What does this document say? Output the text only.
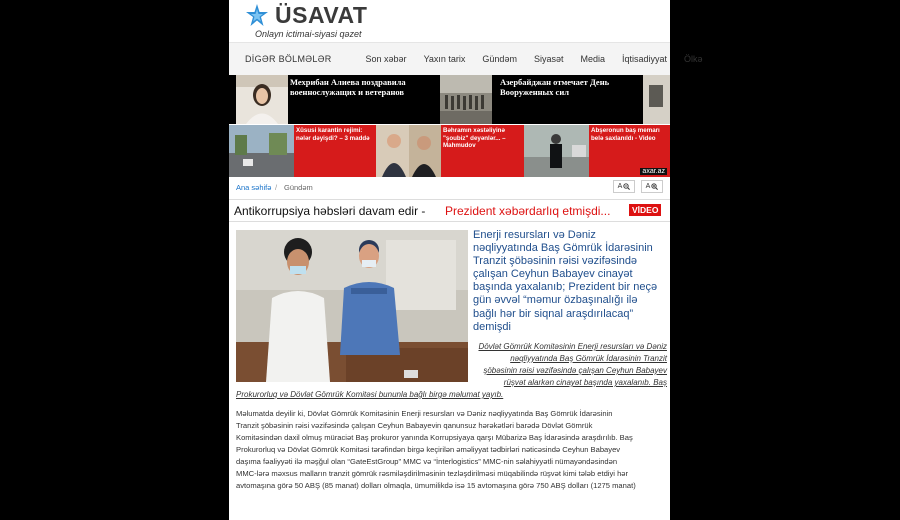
ÜSAVAT
Onlayn ictimai-siyasi qəzet
DİGƏR BÖLMƏLƏR	Son xəbər Yaxın tarix Gündəm Siyasət Media İqtisadiyyat Ölkə
Мехрибан Алиева поздравила военнослужащих и ветеранов
Азербайджан отмечает День Вооруженных сил
Xüsusi karantin rejimi: nələr dəyişdi? – 3 maddə
Bəhramın xəstəliyinə "şoubiz" deyənlər... – Mahmudov
Abşeronun baş memarı belə saxlanıldı - Video
axar.az
Ana səhifə / Gündəm	A	A
Antikorrupsiya həbsləri davam edir - Prezident xəbərdarlıq etmişdi...	VİDEO
Enerji resursları və Dəniz
nəqliyyatında Baş Gömrük İdarəsinin
Tranzit şöbəsinin rəisi vəzifəsində
çalışan Ceyhun Babayev cinayət
başında yaxalanıb; Prezident bir neçə
gün əvvəl “məmur özbaşınalığı ilə
bağlı hər bir siqnal araşdırılacaq”
demişdi
Dövlət Gömrük Komitəsinin Enerji resursları və Dəniz
nəqliyyatında Baş Gömrük İdarəsinin Tranzit
şöbəsinin rəisi vəzifəsində çalışan Ceyhun Babayev
rüşvət alarkən cinayət başında yaxalanıb. Baş
Prokurorluq və Dövlət Gömrük Komitəsi bununla bağlı birgə məlumat yayıb.
Məlumatda deyilir ki, Dövlət Gömrük Komitəsinin Enerji resursları və Dəniz nəqliyyatında Baş Gömrük İdarəsinin
Tranzit şöbəsinin rəisi vəzifəsində çalışan Ceyhun Babayevin qanunsuz hərəkətləri barədə Dövlət Gömrük
Komitəsindən daxil olmuş müraciət Baş prokuror yanında Korrupsiyaya qarşı Mübarizə Baş İdarəsində araşdırılıb. Baş
Prokurorluq və Dövlət Gömrük Komitəsi tərəfindən birgə keçirilən əməliyyat tədbirləri nəticəsində Ceyhun Babayev
daşıma fəaliyyəti ilə məşğul olan “GateEstGroup” MMC və “İnterlogistics” MMC-nin səlahiyyətli nümayəndəsindən
MMC-lərə məxsus malların tranzit gömrük rəsmiləşdirilməsinin tezləşdirilməsi müqabilində rüşvət kimi tələb etdiyi hər
avtomaşına görə 50 ABŞ (85 manat) dolları olmaqla, ümumilikdə isə 15 avtomaşına görə 750 ABŞ dolları (1275 manat)
